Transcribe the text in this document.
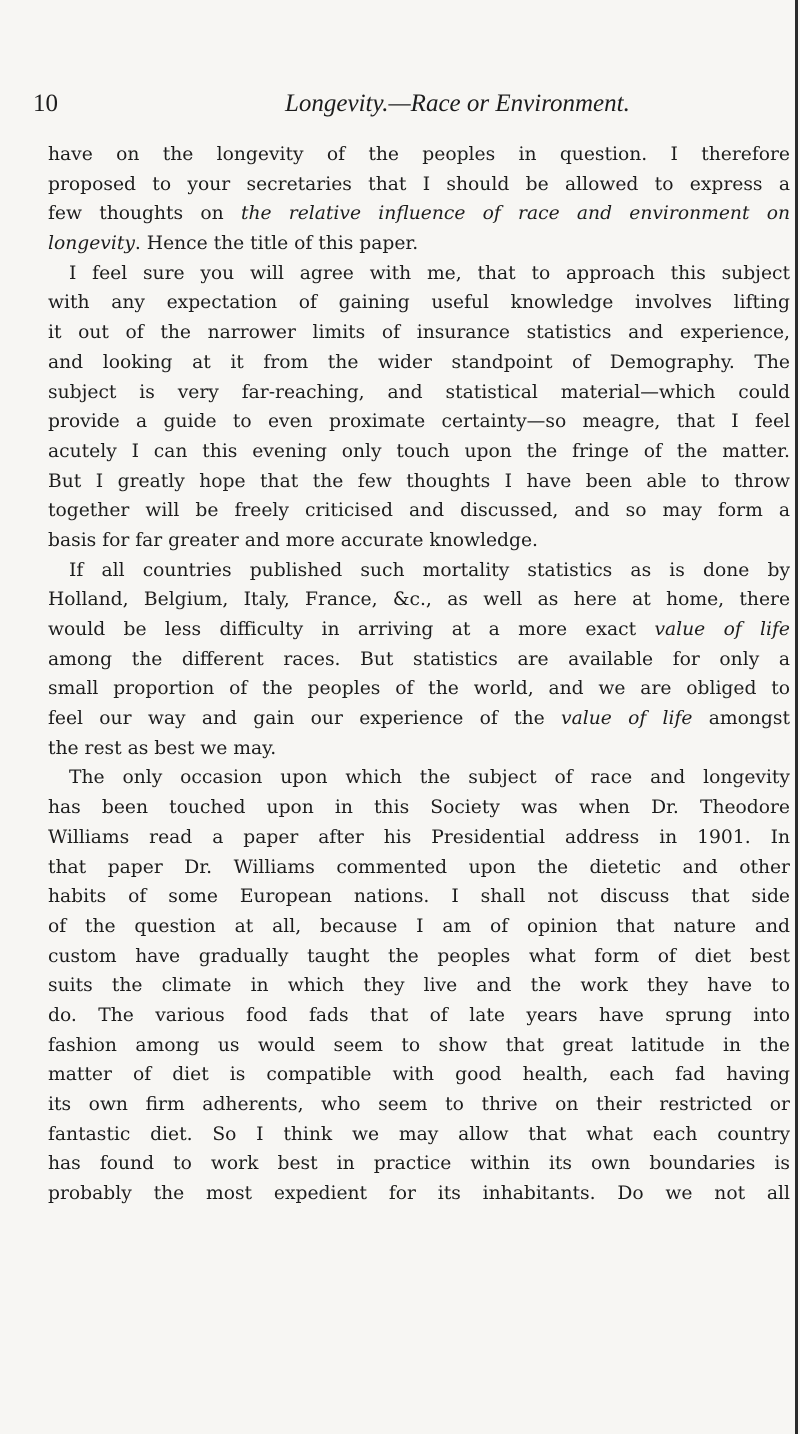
10	Longevity.—Race or Environment.
have on the longevity of the peoples in question. I therefore
proposed to your secretaries that I should be allowed to express a
few thoughts on the relative influence of race and environment on
longevity. Hence the title of this paper.
I feel sure you will agree with me, that to approach this subject
with any expectation of gaining useful knowledge involves lifting
it out of the narrower limits of insurance statistics and experience,
and looking at it from the wider standpoint of Demography. The
subject is very far-reaching, and statistical material—which could
provide a guide to even proximate certainty—so meagre, that I feel
acutely I can this evening only touch upon the fringe of the matter.
But I greatly hope that the few thoughts I have been able to throw
together will be freely criticised and discussed, and so may form a
basis for far greater and more accurate knowledge.
If all countries published such mortality statistics as is done by
Holland, Belgium, Italy, France, &c., as well as here at home, there
would be less difficulty in arriving at a more exact value of life
among the different races. But statistics are available for only a
small proportion of the peoples of the world, and we are obliged to
feel our way and gain our experience of the value of life amongst
the rest as best we may.
The only occasion upon which the subject of race and longevity
has been touched upon in this Society was when Dr. Theodore
Williams read a paper after his Presidential address in 1901. In
that paper Dr. Williams commented upon the dietetic and other
habits of some European nations. I shall not discuss that side
of the question at all, because I am of opinion that nature and
custom have gradually taught the peoples what form of diet best
suits the climate in which they live and the work they have to
do. The various food fads that of late years have sprung into
fashion among us would seem to show that great latitude in the
matter of diet is compatible with good health, each fad having
its own firm adherents, who seem to thrive on their restricted or
fantastic diet. So I think we may allow that what each country
has found to work best in practice within its own boundaries is
probably the most expedient for its inhabitants. Do we not all
